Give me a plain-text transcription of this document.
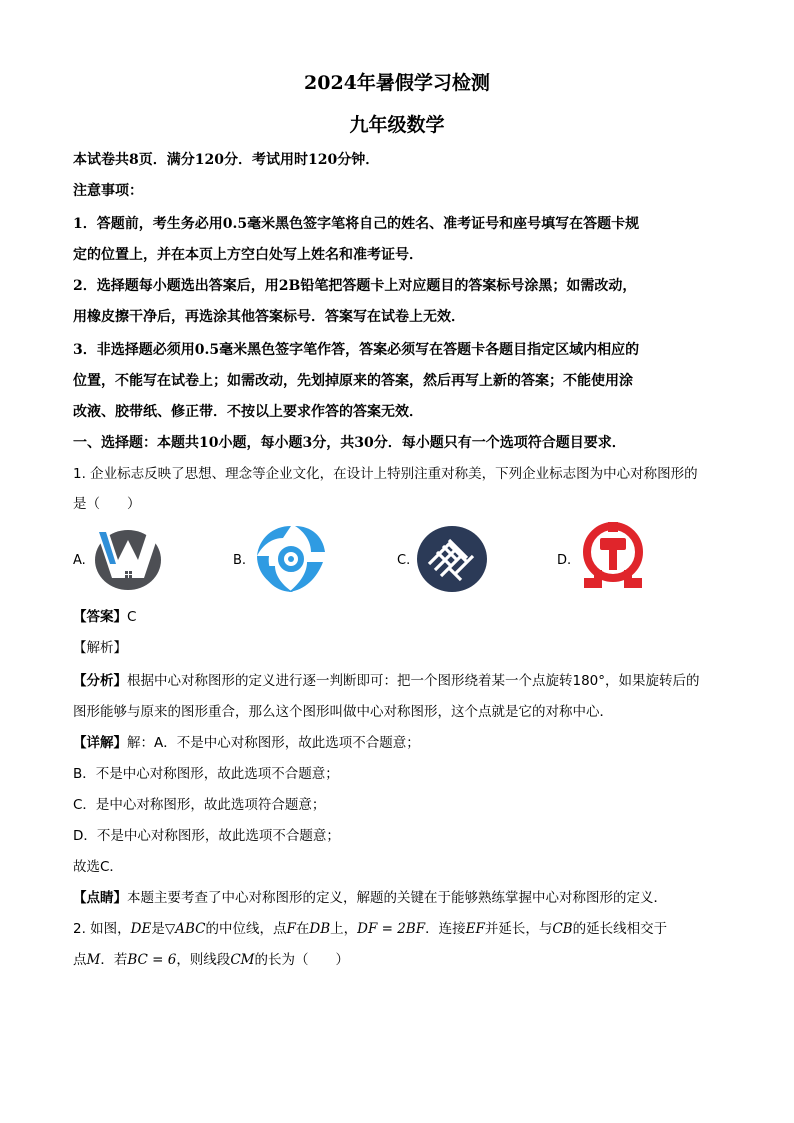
2024年暑假学习检测
九年级数学
本试卷共8页．满分120分．考试用时120分钟．
注意事项：
1．答题前，考生务必用0.5毫米黑色签字笔将自己的姓名、准考证号和座号填写在答题卡规
定的位置上，并在本页上方空白处写上姓名和准考证号．
2．选择题每小题选出答案后，用2B铅笔把答题卡上对应题目的答案标号涂黑；如需改动，
用橡皮擦干净后，再选涂其他答案标号．答案写在试卷上无效．
3．非选择题必须用0.5毫米黑色签字笔作答，答案必须写在答题卡各题目指定区域内相应的
位置，不能写在试卷上；如需改动，先划掉原来的答案，然后再写上新的答案；不能使用涂
改液、胶带纸、修正带．不按以上要求作答的答案无效．
一、选择题：本题共10小题，每小题3分，共30分．每小题只有一个选项符合题目要求．
1. 企业标志反映了思想、理念等企业文化，在设计上特别注重对称美，下列企业标志图为中心对称图形的
是（　　）
A.	B.	C.	D.
【答案】C
【解析】
【分析】根据中心对称图形的定义进行逐一判断即可：把一个图形绕着某一个点旋转180°，如果旋转后的
图形能够与原来的图形重合，那么这个图形叫做中心对称图形，这个点就是它的对称中心．
【详解】解：A．不是中心对称图形，故此选项不合题意；
B．不是中心对称图形，故此选项不合题意；
C．是中心对称图形，故此选项符合题意；
D．不是中心对称图形，故此选项不合题意；
故选C．
【点睛】本题主要考查了中心对称图形的定义，解题的关键在于能够熟练掌握中心对称图形的定义．
2. 如图，DE是▽ABC的中位线，点F在DB上，DF = 2BF．连接EF并延长，与CB的延长线相交于
点M．若BC = 6，则线段CM的长为（　　）
